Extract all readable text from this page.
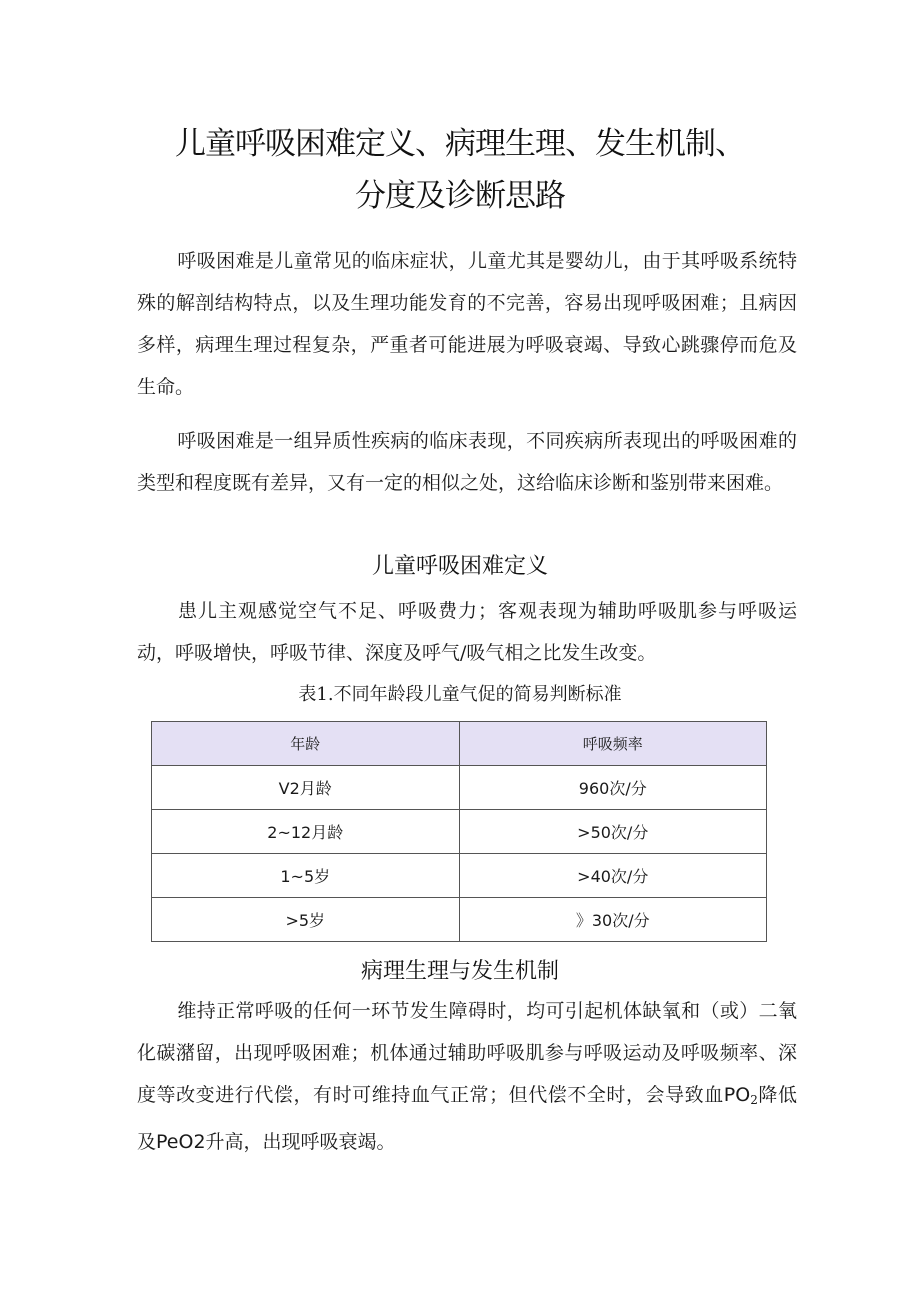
儿童呼吸困难定义、病理生理、发生机制、
分度及诊断思路
呼吸困难是儿童常见的临床症状，儿童尤其是婴幼儿，由于其呼吸系统特殊的解剖结构特点，以及生理功能发育的不完善，容易出现呼吸困难；且病因多样，病理生理过程复杂，严重者可能进展为呼吸衰竭、导致心跳骤停而危及生命。
呼吸困难是一组异质性疾病的临床表现，不同疾病所表现出的呼吸困难的类型和程度既有差异，又有一定的相似之处，这给临床诊断和鉴别带来困难。
儿童呼吸困难定义
患儿主观感觉空气不足、呼吸费力；客观表现为辅助呼吸肌参与呼吸运动，呼吸增快，呼吸节律、深度及呼气/吸气相之比发生改变。
表1.不同年龄段儿童气促的简易判断标准
年龄	呼吸频率
V2月龄	960次/分
2~12月龄	>50次/分
1~5岁	>40次/分
>5岁	》30次/分
病理生理与发生机制
维持正常呼吸的任何一环节发生障碍时，均可引起机体缺氧和（或）二氧化碳潴留，出现呼吸困难；机体通过辅助呼吸肌参与呼吸运动及呼吸频率、深度等改变进行代偿，有时可维持血气正常；但代偿不全时，会导致血$PO_2$降低及PeO2升高，出现呼吸衰竭。
